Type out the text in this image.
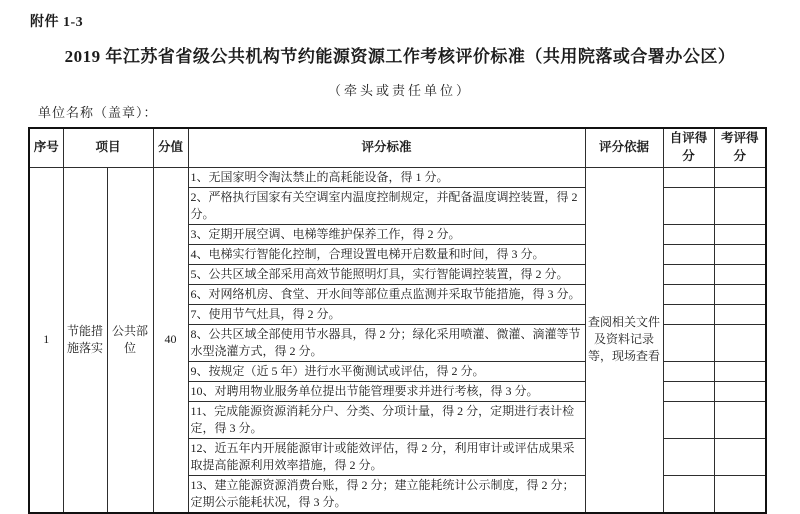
附件 1-3
2019 年江苏省省级公共机构节约能源资源工作考核评价标准（共用院落或合署办公区）
（牵头或责任单位）
单位名称（盖章）：
序号	项目		分值	评分标准	评分依据	自评得分	考评得分
1	节能措施落实	公共部位	40	1、无国家明令淘汰禁止的高耗能设备，得 1 分。	查阅相关文件及资料记录等，现场查看		
				2、严格执行国家有关空调室内温度控制规定，并配备温度调控装置，得 2 分。			
				3、定期开展空调、电梯等维护保养工作，得 2 分。			
				4、电梯实行智能化控制，合理设置电梯开启数量和时间，得 3 分。			
				5、公共区域全部采用高效节能照明灯具，实行智能调控装置，得 2 分。			
				6、对网络机房、食堂、开水间等部位重点监测并采取节能措施，得 3 分。			
				7、使用节气灶具，得 2 分。			
				8、公共区域全部使用节水器具，得 2 分；绿化采用喷灌、微灌、滴灌等节水型浇灌方式，得 2 分。			
				9、按规定（近 5 年）进行水平衡测试或评估，得 2 分。			
				10、对聘用物业服务单位提出节能管理要求并进行考核，得 3 分。			
				11、完成能源资源消耗分户、分类、分项计量，得 2 分，定期进行表计检定，得 3 分。			
				12、近五年内开展能源审计或能效评估，得 2 分，利用审计或评估成果采取提高能源利用效率措施，得 2 分。			
				13、建立能源资源消费台账，得 2 分；建立能耗统计公示制度，得 2 分；定期公示能耗状况，得 3 分。			
